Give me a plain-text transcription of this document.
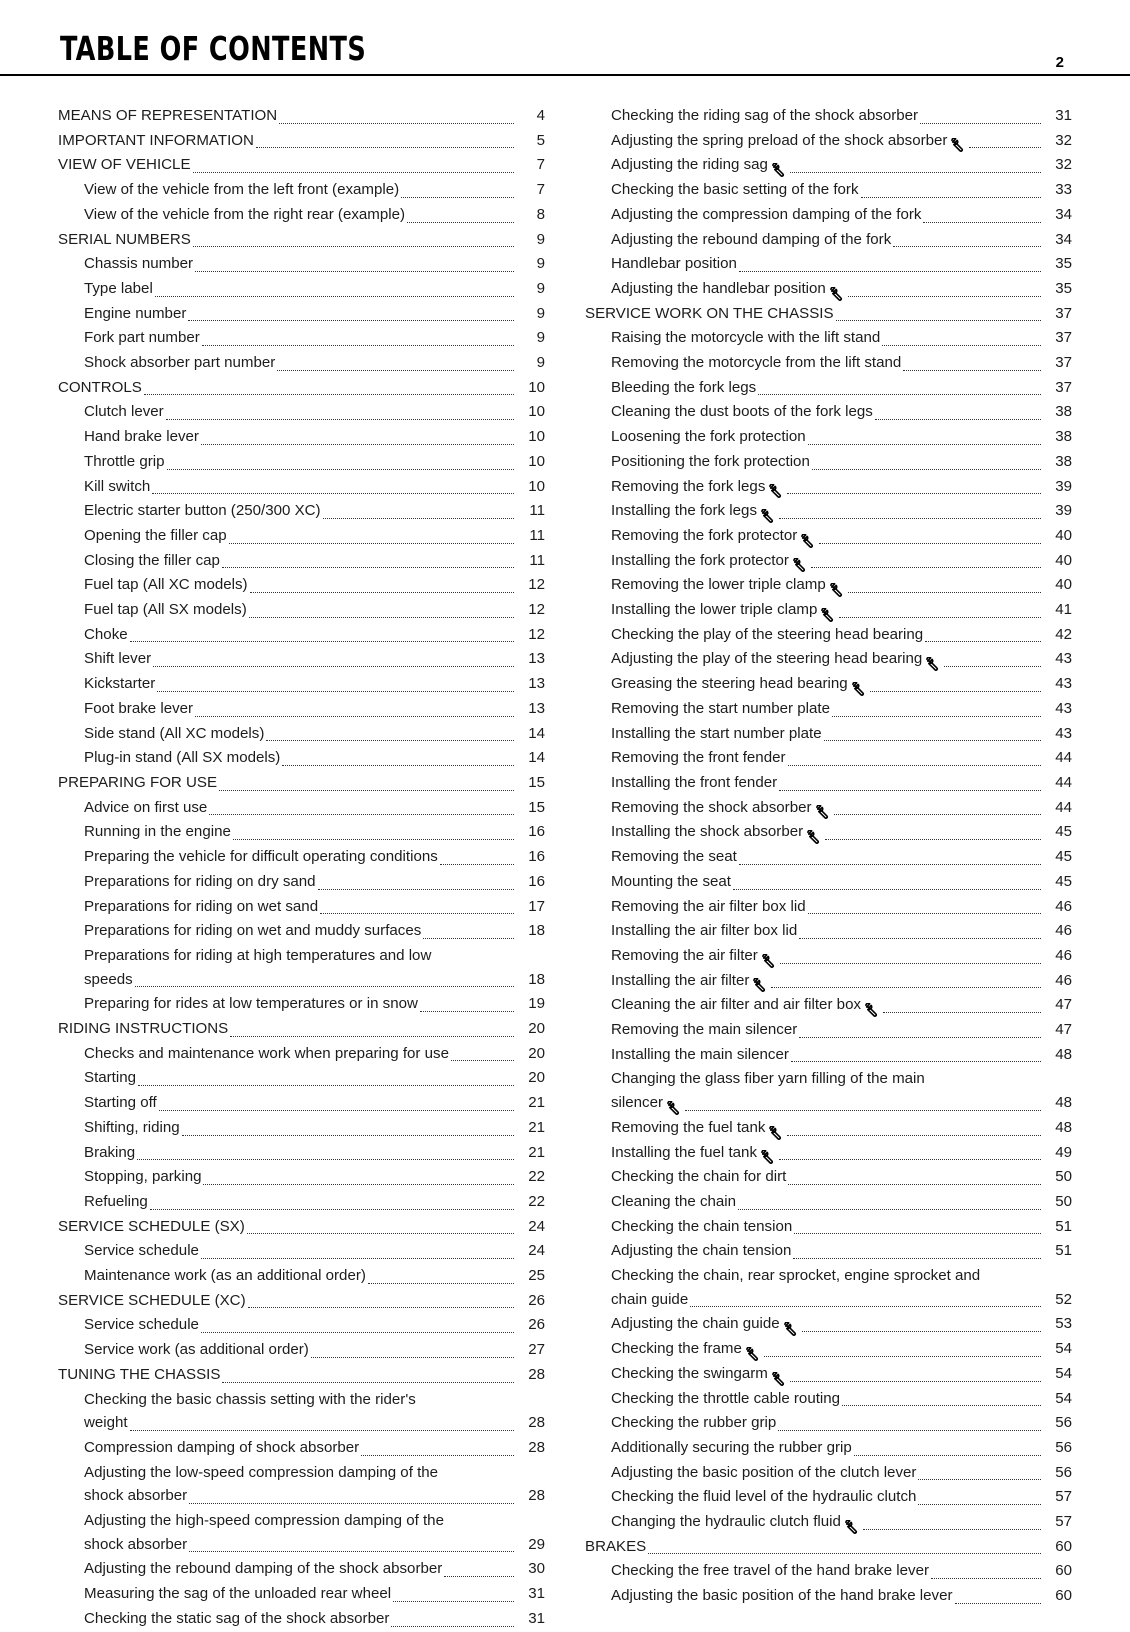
TABLE OF CONTENTS	2
MEANS OF REPRESENTATION	4
IMPORTANT INFORMATION	5
VIEW OF VEHICLE	7
View of the vehicle from the left front (example)	7
View of the vehicle from the right rear (example)	8
SERIAL NUMBERS	9
Chassis number	9
Type label	9
Engine number	9
Fork part number	9
Shock absorber part number	9
CONTROLS	10
Clutch lever	10
Hand brake lever	10
Throttle grip	10
Kill switch	10
Electric starter button (250/300 XC)	11
Opening the filler cap	11
Closing the filler cap	11
Fuel tap (All XC models)	12
Fuel tap (All SX models)	12
Choke	12
Shift lever	13
Kickstarter	13
Foot brake lever	13
Side stand (All XC models)	14
Plug-in stand (All SX models)	14
PREPARING FOR USE	15
Advice on first use	15
Running in the engine	16
Preparing the vehicle for difficult operating conditions	16
Preparations for riding on dry sand	16
Preparations for riding on wet sand	17
Preparations for riding on wet and muddy surfaces	18
Preparations for riding at high temperatures and low
speeds	18
Preparing for rides at low temperatures or in snow	19
RIDING INSTRUCTIONS	20
Checks and maintenance work when preparing for use	20
Starting	20
Starting off	21
Shifting, riding	21
Braking	21
Stopping, parking	22
Refueling	22
SERVICE SCHEDULE (SX)	24
Service schedule	24
Maintenance work (as an additional order)	25
SERVICE SCHEDULE (XC)	26
Service schedule	26
Service work (as additional order)	27
TUNING THE CHASSIS	28
Checking the basic chassis setting with the rider's
weight	28
Compression damping of shock absorber	28
Adjusting the low-speed compression damping of the
shock absorber	28
Adjusting the high-speed compression damping of the
shock absorber	29
Adjusting the rebound damping of the shock absorber	30
Measuring the sag of the unloaded rear wheel	31
Checking the static sag of the shock absorber	31
Checking the riding sag of the shock absorber	31
Adjusting the spring preload of the shock absorber	32
Adjusting the riding sag	32
Checking the basic setting of the fork	33
Adjusting the compression damping of the fork	34
Adjusting the rebound damping of the fork	34
Handlebar position	35
Adjusting the handlebar position	35
SERVICE WORK ON THE CHASSIS	37
Raising the motorcycle with the lift stand	37
Removing the motorcycle from the lift stand	37
Bleeding the fork legs	37
Cleaning the dust boots of the fork legs	38
Loosening the fork protection	38
Positioning the fork protection	38
Removing the fork legs	39
Installing the fork legs	39
Removing the fork protector	40
Installing the fork protector	40
Removing the lower triple clamp	40
Installing the lower triple clamp	41
Checking the play of the steering head bearing	42
Adjusting the play of the steering head bearing	43
Greasing the steering head bearing	43
Removing the start number plate	43
Installing the start number plate	43
Removing the front fender	44
Installing the front fender	44
Removing the shock absorber	44
Installing the shock absorber	45
Removing the seat	45
Mounting the seat	45
Removing the air filter box lid	46
Installing the air filter box lid	46
Removing the air filter	46
Installing the air filter	46
Cleaning the air filter and air filter box	47
Removing the main silencer	47
Installing the main silencer	48
Changing the glass fiber yarn filling of the main
silencer	48
Removing the fuel tank	48
Installing the fuel tank	49
Checking the chain for dirt	50
Cleaning the chain	50
Checking the chain tension	51
Adjusting the chain tension	51
Checking the chain, rear sprocket, engine sprocket and
chain guide	52
Adjusting the chain guide	53
Checking the frame	54
Checking the swingarm	54
Checking the throttle cable routing	54
Checking the rubber grip	56
Additionally securing the rubber grip	56
Adjusting the basic position of the clutch lever	56
Checking the fluid level of the hydraulic clutch	57
Changing the hydraulic clutch fluid	57
BRAKES	60
Checking the free travel of the hand brake lever	60
Adjusting the basic position of the hand brake lever	60
